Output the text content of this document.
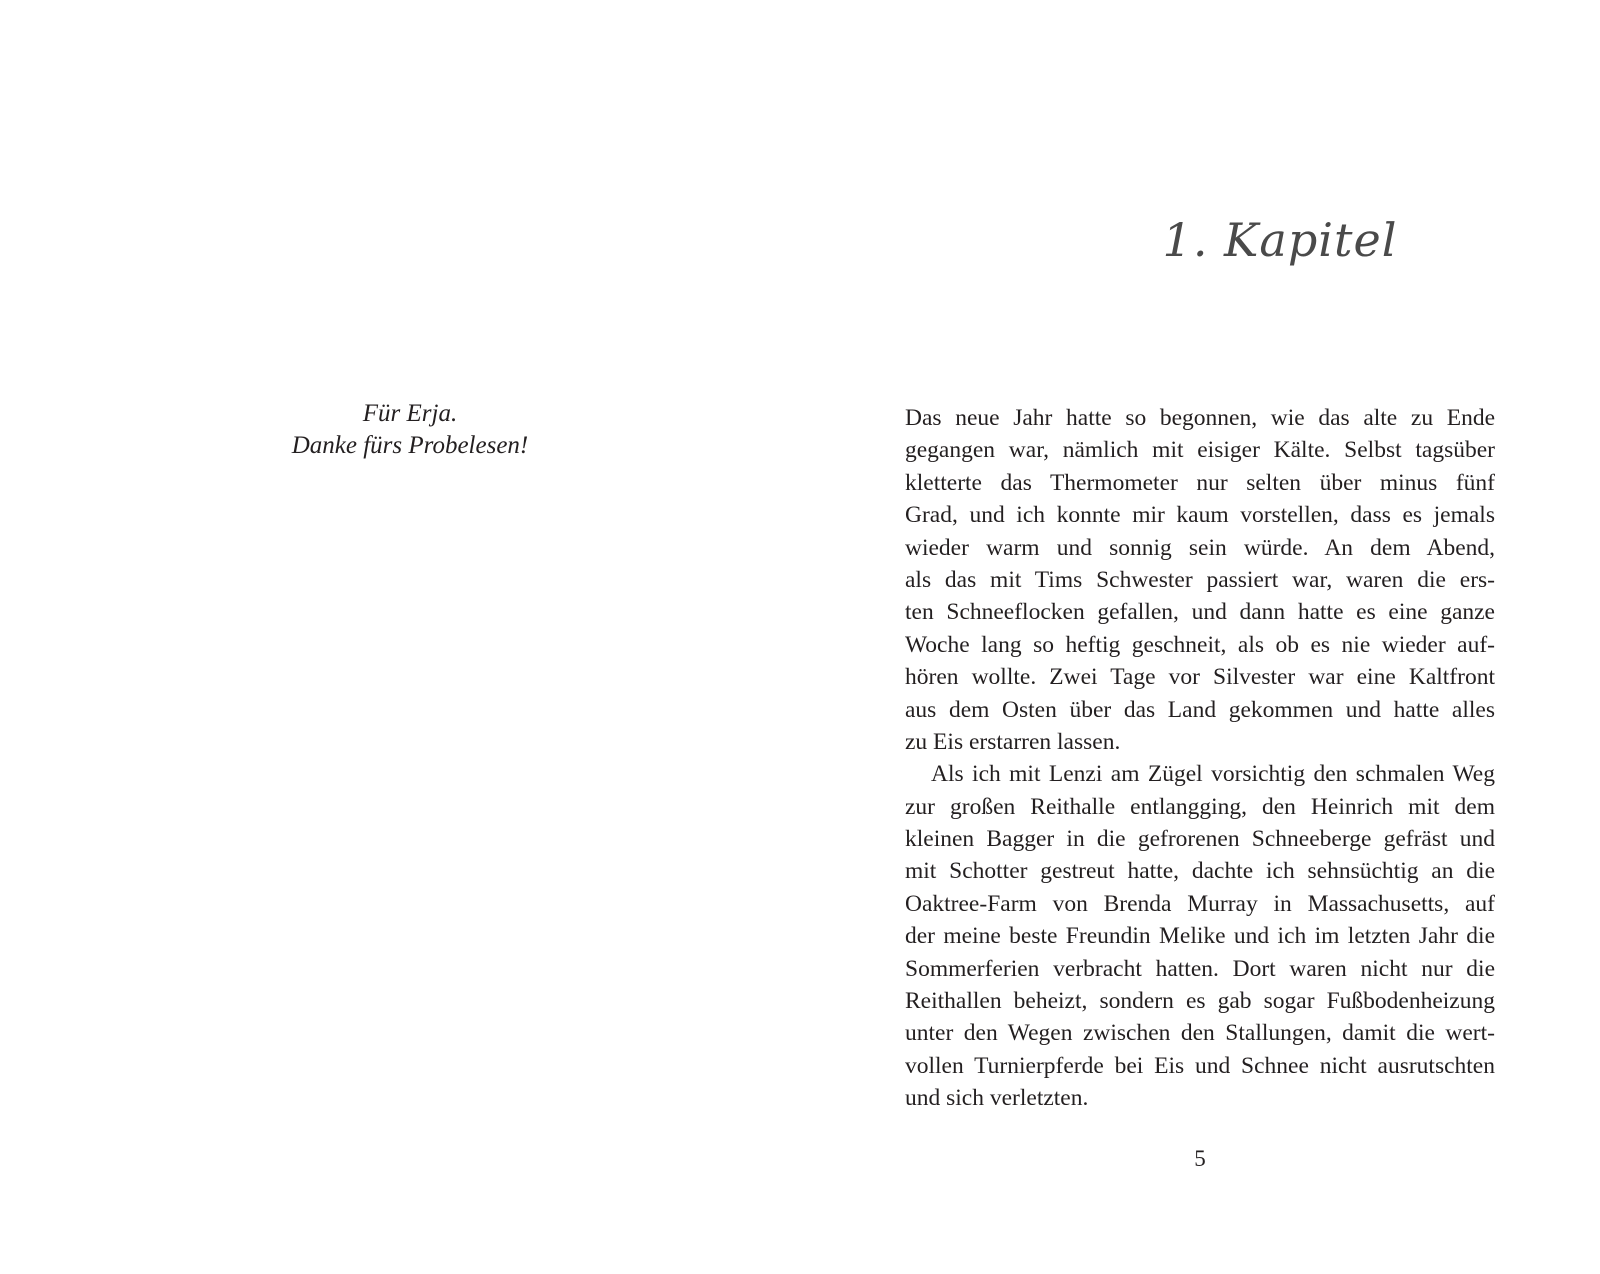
Für Erja.
Danke fürs Probelesen!
1. Kapitel
Das neue Jahr hatte so begonnen, wie das alte zu Ende
gegangen war, nämlich mit eisiger Kälte. Selbst tagsüber
kletterte das Thermometer nur selten über minus fünf
Grad, und ich konnte mir kaum vorstellen, dass es jemals
wieder warm und sonnig sein würde. An dem Abend,
als das mit Tims Schwester passiert war, waren die ers-
ten Schneeflocken gefallen, und dann hatte es eine ganze
Woche lang so heftig geschneit, als ob es nie wieder auf-
hören wollte. Zwei Tage vor Silvester war eine Kaltfront
aus dem Osten über das Land gekommen und hatte alles
zu Eis erstarren lassen.
Als ich mit Lenzi am Zügel vorsichtig den schmalen Weg
zur großen Reithalle entlangging, den Heinrich mit dem
kleinen Bagger in die gefrorenen Schneeberge gefräst und
mit Schotter gestreut hatte, dachte ich sehnsüchtig an die
Oaktree-Farm von Brenda Murray in Massachusetts, auf
der meine beste Freundin Melike und ich im letzten Jahr die
Sommerferien verbracht hatten. Dort waren nicht nur die
Reithallen beheizt, sondern es gab sogar Fußbodenheizung
unter den Wegen zwischen den Stallungen, damit die wert-
vollen Turnierpferde bei Eis und Schnee nicht ausrutschten
und sich verletzten.
5
